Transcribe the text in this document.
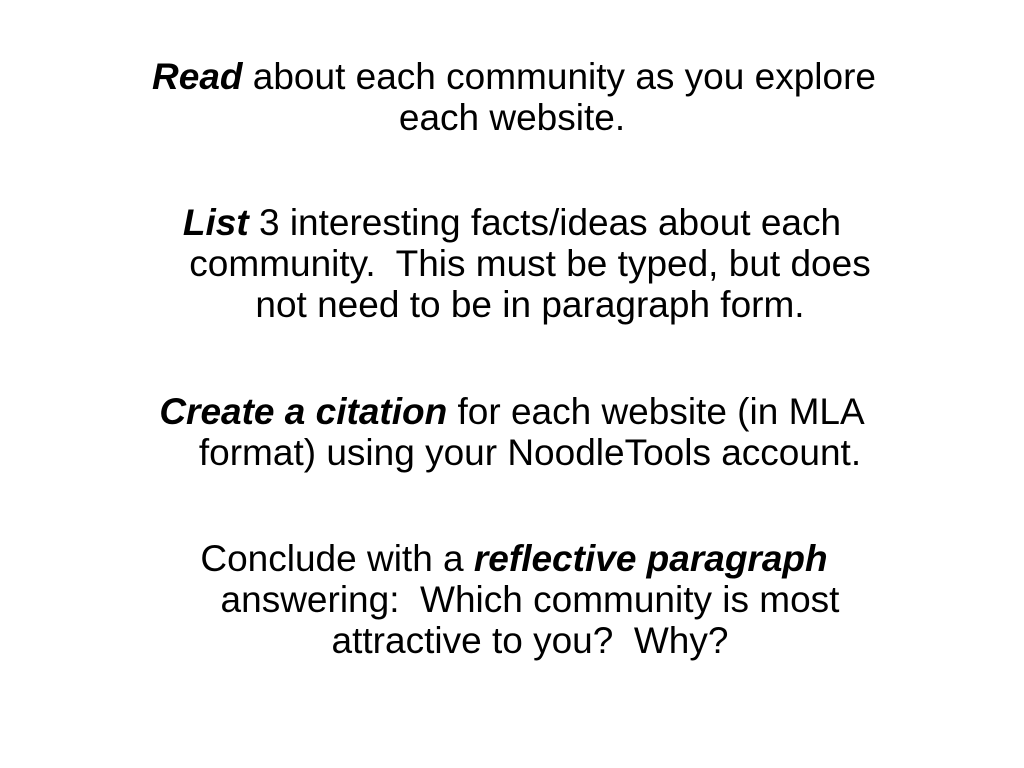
Read about each community as you explore
each website.
List 3 interesting facts/ideas about each
community.  This must be typed, but does
not need to be in paragraph form.
Create a citation for each website (in MLA
format) using your NoodleTools account.
Conclude with a reflective paragraph
answering:  Which community is most
attractive to you?  Why?
